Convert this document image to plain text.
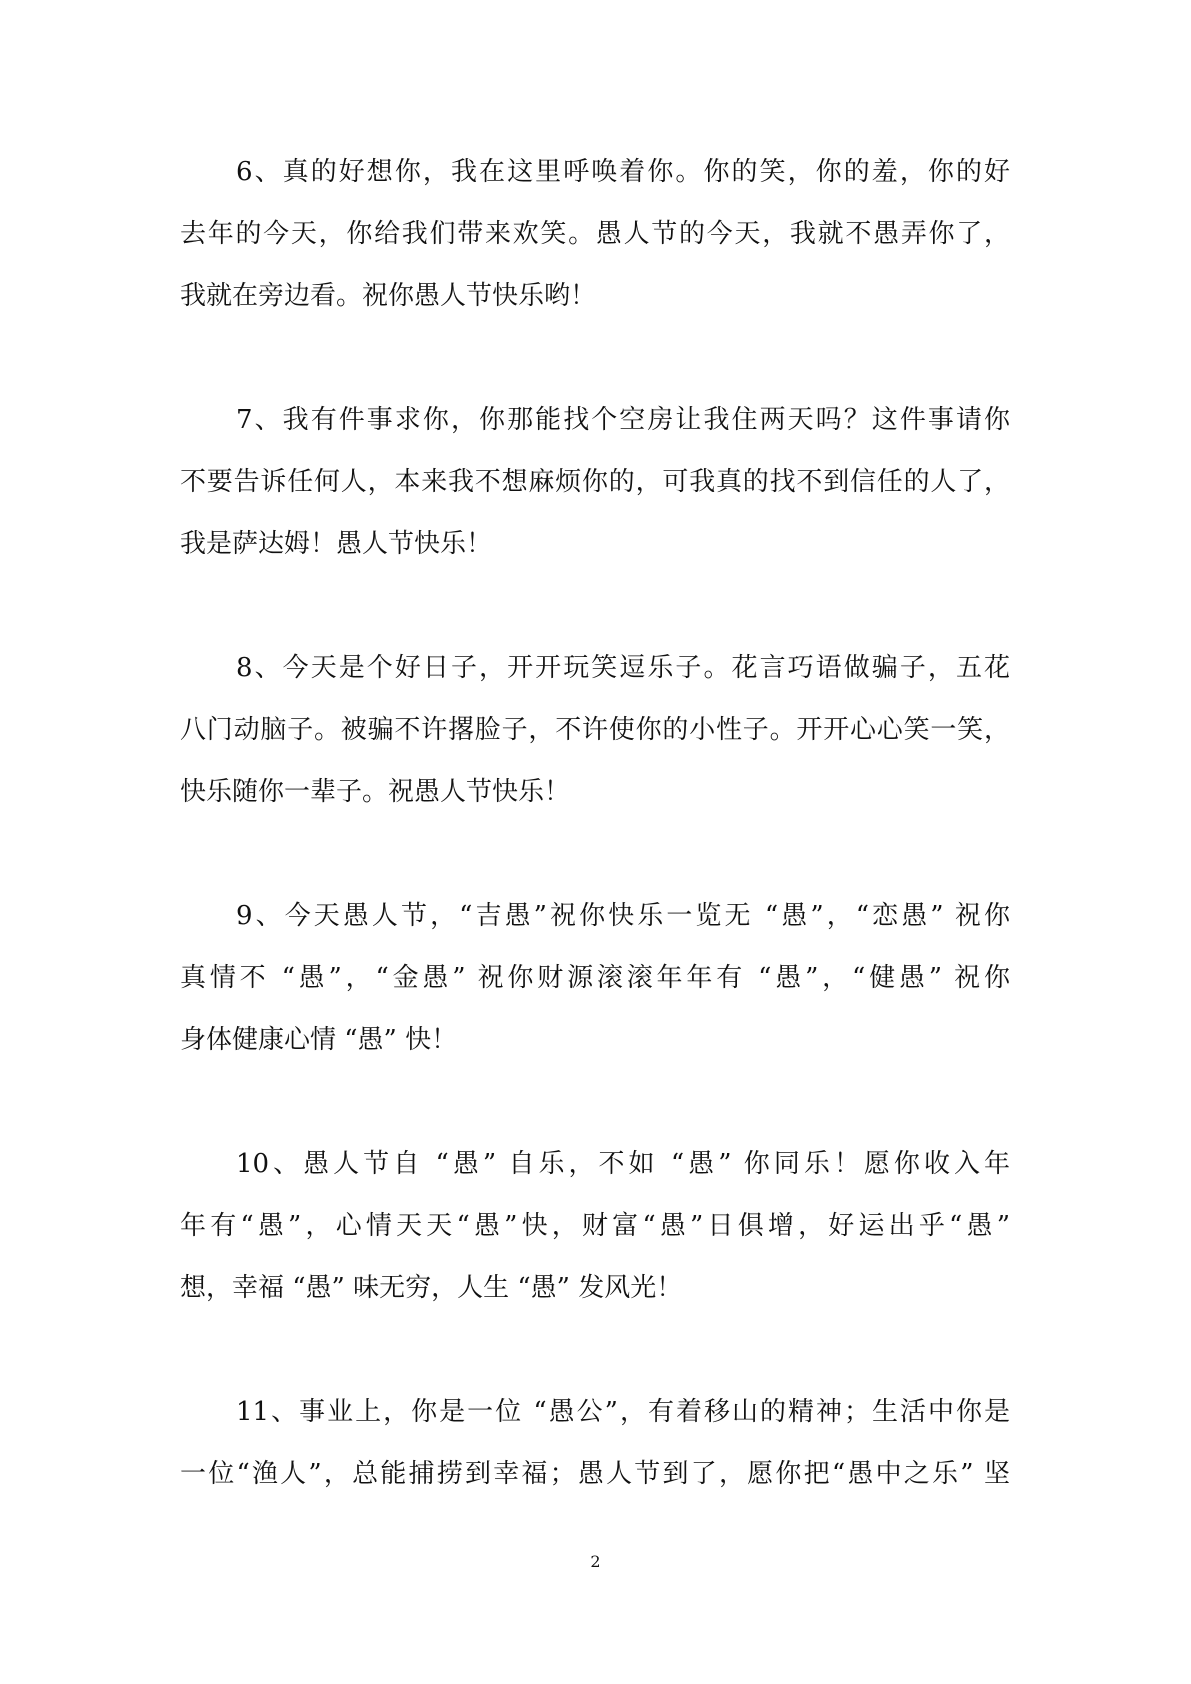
6、真的好想你，我在这里呼唤着你。你的笑，你的羞，你的好
去年的今天，你给我们带来欢笑。愚人节的今天，我就不愚弄你了，
我就在旁边看。祝你愚人节快乐哟！
7、我有件事求你，你那能找个空房让我住两天吗？这件事请你
不要告诉任何人，本来我不想麻烦你的，可我真的找不到信任的人了，
我是萨达姆！愚人节快乐！
8、今天是个好日子，开开玩笑逗乐子。花言巧语做骗子，五花
八门动脑子。被骗不许撂脸子，不许使你的小性子。开开心心笑一笑，
快乐随你一辈子。祝愚人节快乐！
9、今天愚人节，“吉愚”祝你快乐一览无 “愚”，“恋愚” 祝你
真情不 “愚”，“金愚” 祝你财源滚滚年年有 “愚”，“健愚” 祝你
身体健康心情 “愚” 快！
10、愚人节自 “愚” 自乐，不如 “愚” 你同乐！愿你收入年
年有“愚”，心情天天“愚”快，财富“愚”日俱增，好运出乎“愚”
想，幸福 “愚” 味无穷，人生 “愚” 发风光！
11、事业上，你是一位 “愚公”，有着移山的精神；生活中你是
一位“渔人”，总能捕捞到幸福；愚人节到了，愿你把“愚中之乐” 坚
2
